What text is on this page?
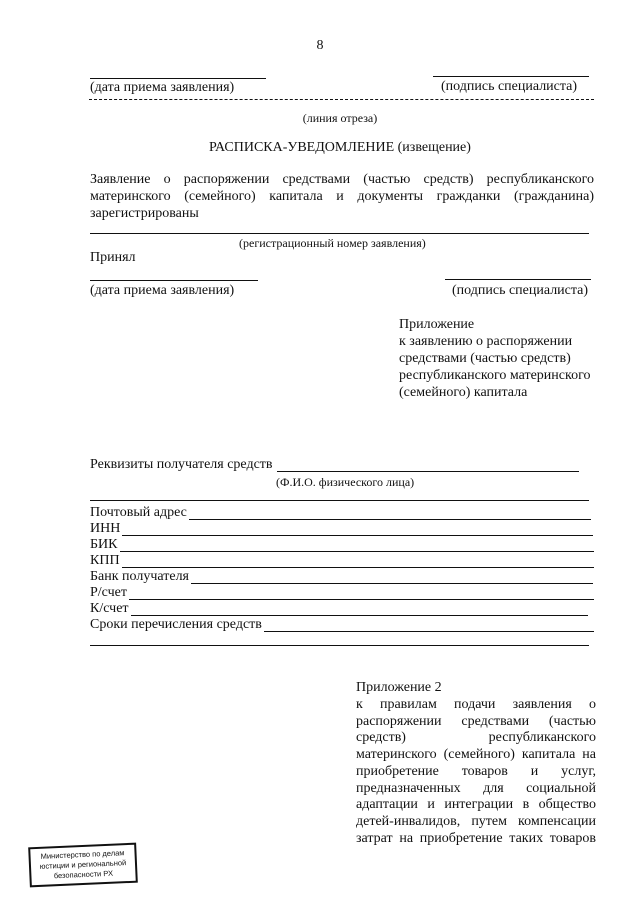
8
(дата приема заявления)	(подпись специалиста)
(линия отреза)
РАСПИСКА-УВЕДОМЛЕНИЕ (извещение)
Заявление о распоряжении средствами (частью средств) республиканского
материнского (семейного) капитала и документы гражданки (гражданина)
зарегистрированы
(регистрационный номер заявления)
Принял
(дата приема заявления)	(подпись специалиста)
Приложение
к заявлению о распоряжении
средствами (частью средств)
республиканского материнского
(семейного) капитала
Реквизиты получателя средств
(Ф.И.О. физического лица)
Почтовый адрес
ИНН
БИК
КПП
Банк получателя
Р/счет
К/счет
Сроки перечисления средств
Приложение 2
к правилам подачи заявления о
распоряжении средствами (частью
средств) республиканского
материнского (семейного) капитала на
приобретение товаров и услуг,
предназначенных для социальной
адаптации и интеграции в общество
детей-инвалидов, путем компенсации
затрат на приобретение таких товаров
Министерство по делам
юстиции и региональной
безопасности РХ
